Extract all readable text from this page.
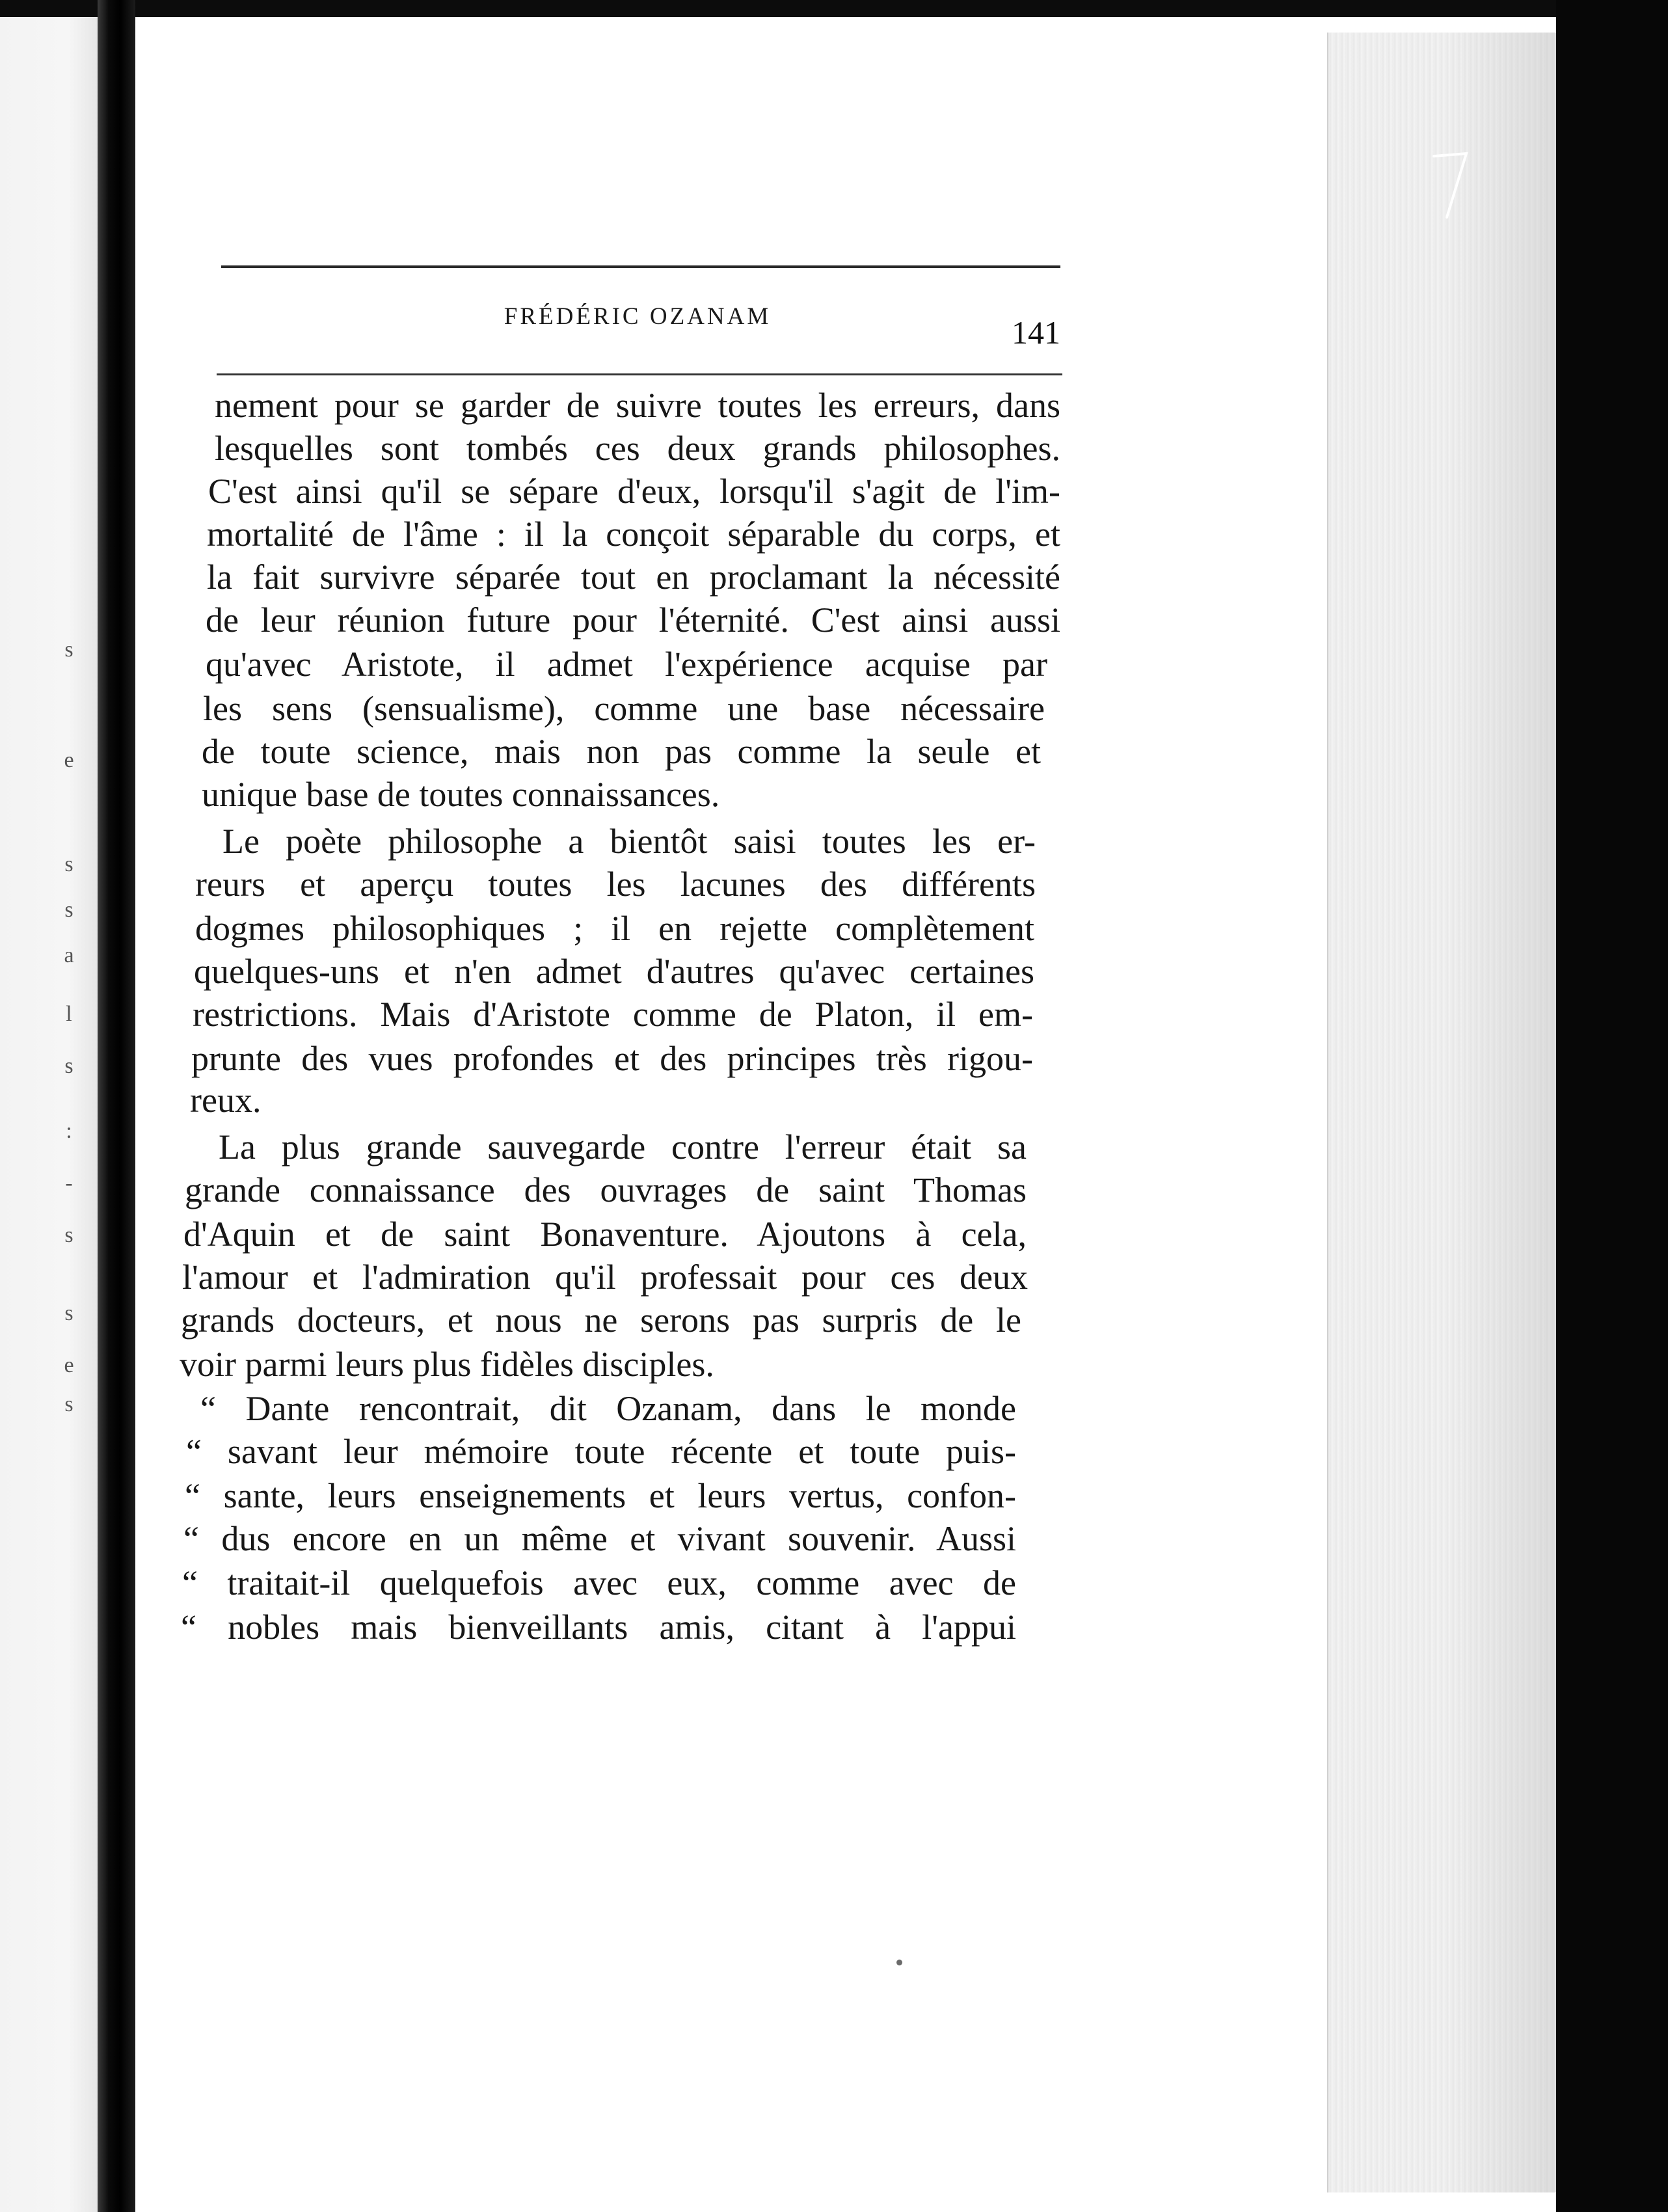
s
e
s
s
a
l
s
:
-
s
s
e
s
FRÉDÉRIC OZANAM	141
nement pour se garder de suivre toutes les erreurs, dans
lesquelles sont tombés ces deux grands philosophes.
C'est ainsi qu'il se sépare d'eux, lorsqu'il s'agit de l'im-
mortalité de l'âme : il la conçoit séparable du corps, et
la fait survivre séparée tout en proclamant la nécessité
de leur réunion future pour l'éternité. C'est ainsi aussi
qu'avec Aristote, il admet l'expérience acquise par
les sens (sensualisme), comme une base nécessaire
de toute science, mais non pas comme la seule et
unique base de toutes connaissances.
Le poète philosophe a bientôt saisi toutes les er-
reurs et aperçu toutes les lacunes des différents
dogmes philosophiques ; il en rejette complètement
quelques-uns et n'en admet d'autres qu'avec certaines
restrictions. Mais d'Aristote comme de Platon, il em-
prunte des vues profondes et des principes très rigou-
reux.
La plus grande sauvegarde contre l'erreur était sa
grande connaissance des ouvrages de saint Thomas
d'Aquin et de saint Bonaventure. Ajoutons à cela,
l'amour et l'admiration qu'il professait pour ces deux
grands docteurs, et nous ne serons pas surpris de le
voir parmi leurs plus fidèles disciples.
“ Dante rencontrait, dit Ozanam, dans le monde
“ savant leur mémoire toute récente et toute puis-
“ sante, leurs enseignements et leurs vertus, confon-
“ dus encore en un même et vivant souvenir. Aussi
“ traitait-il quelquefois avec eux, comme avec de
“ nobles mais bienveillants amis, citant à l'appui
